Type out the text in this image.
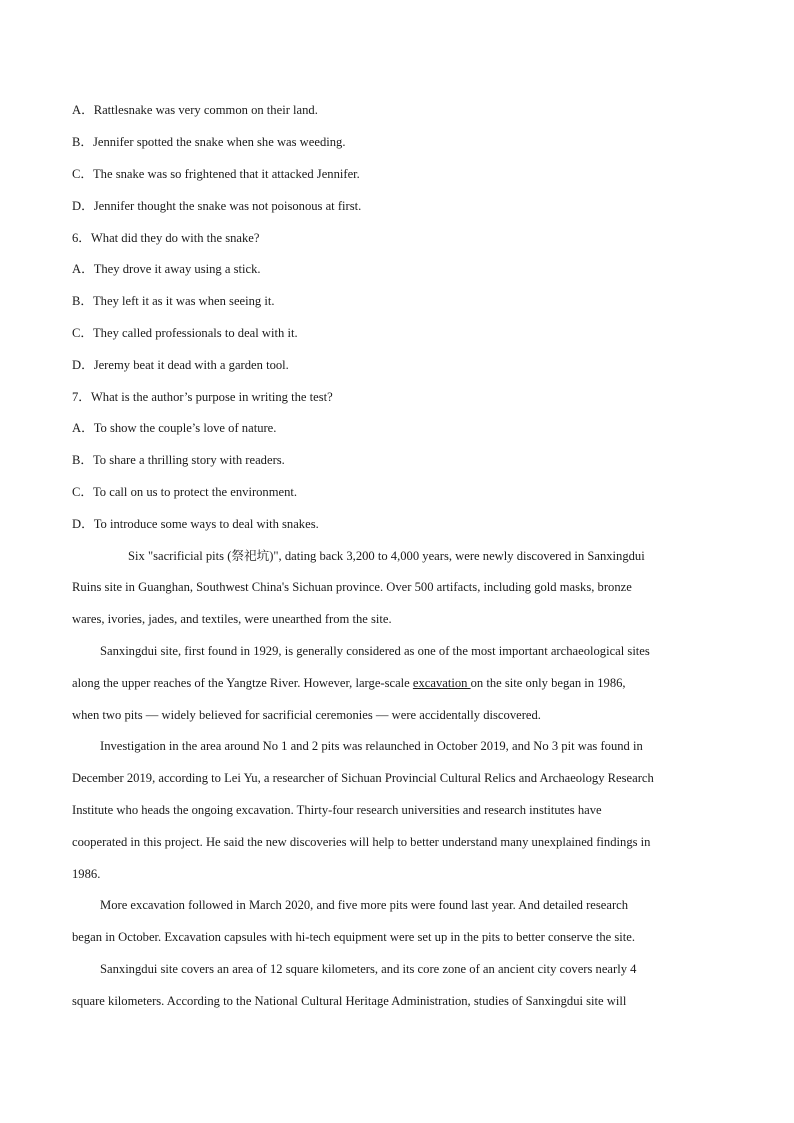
A．Rattlesnake was very common on their land.
B．Jennifer spotted the snake when she was weeding.
C．The snake was so frightened that it attacked Jennifer.
D．Jennifer thought the snake was not poisonous at first.
6．What did they do with the snake?
A．They drove it away using a stick.
B．They left it as it was when seeing it.
C．They called professionals to deal with it.
D．Jeremy beat it dead with a garden tool.
7．What is the author’s purpose in writing the test?
A．To show the couple’s love of nature.
B．To share a thrilling story with readers.
C．To call on us to protect the environment.
D．To introduce some ways to deal with snakes.
Six "sacrificial pits (祭祀坑)", dating back 3,200 to 4,000 years, were newly discovered in Sanxingdui
Ruins site in Guanghan, Southwest China's Sichuan province. Over 500 artifacts, including gold masks, bronze
wares, ivories, jades, and textiles, were unearthed from the site.
Sanxingdui site, first found in 1929, is generally considered as one of the most important archaeological sites
along the upper reaches of the Yangtze River. However, large-scale excavation on the site only began in 1986,
when two pits — widely believed for sacrificial ceremonies — were accidentally discovered.
Investigation in the area around No 1 and 2 pits was relaunched in October 2019, and No 3 pit was found in
December 2019, according to Lei Yu, a researcher of Sichuan Provincial Cultural Relics and Archaeology Research
Institute who heads the ongoing excavation. Thirty-four research universities and research institutes have
cooperated in this project. He said the new discoveries will help to better understand many unexplained findings in
1986.
More excavation followed in March 2020, and five more pits were found last year. And detailed research
began in October. Excavation capsules with hi-tech equipment were set up in the pits to better conserve the site.
Sanxingdui site covers an area of 12 square kilometers, and its core zone of an ancient city covers nearly 4
square kilometers. According to the National Cultural Heritage Administration, studies of Sanxingdui site will
